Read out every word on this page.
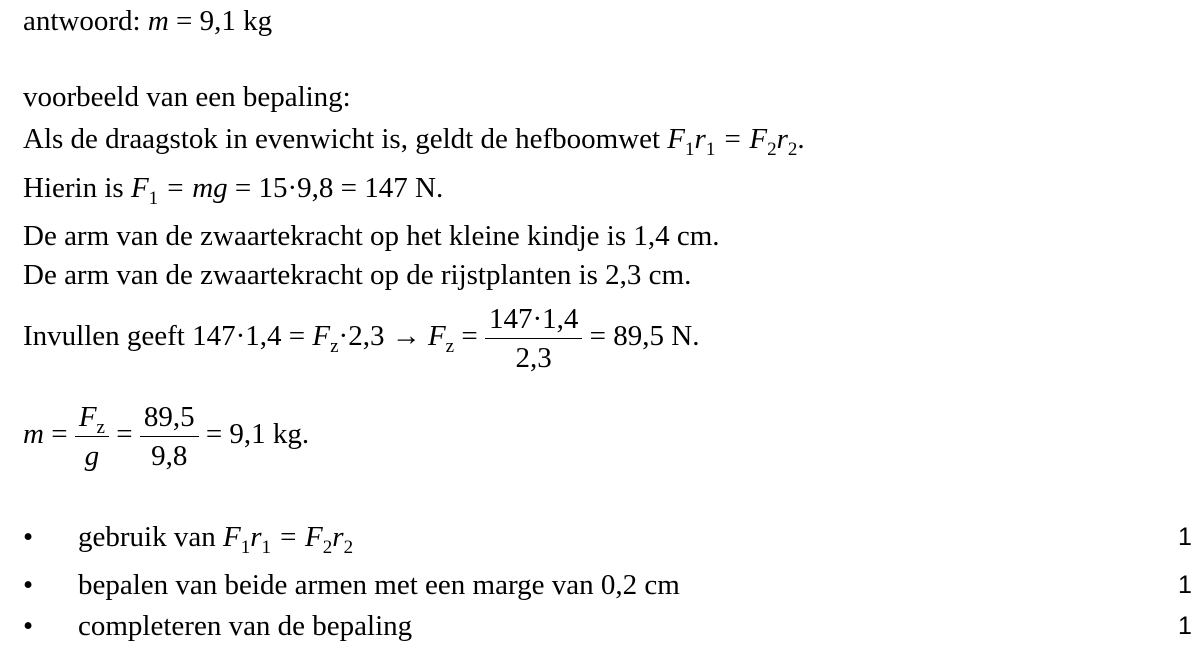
antwoord: m = 9,1 kg
voorbeeld van een bepaling:
Als de draagstok in evenwicht is, geldt de hefboomwet $F_1r_1 = F_2r_2$.
Hierin is $F_1$ = mg = 15·9,8 = 147 N.
De arm van de zwaartekracht op het kleine kindje is 1,4 cm.
De arm van de zwaartekracht op de rijstplanten is 2,3 cm.
Invullen geeft $147\cdot 1,4 = F_z\cdot 2,3 \to F_z = \frac{147\cdot 1,4}{2,3} = 89,5$ N.
$m = \frac{F_z}{g} = \frac{89,5}{9,8} = 9,1$ kg.
• gebruik van $F_1r_1 = F_2r_2$	1
• bepalen van beide armen met een marge van 0,2 cm	1
• completeren van de bepaling	1
